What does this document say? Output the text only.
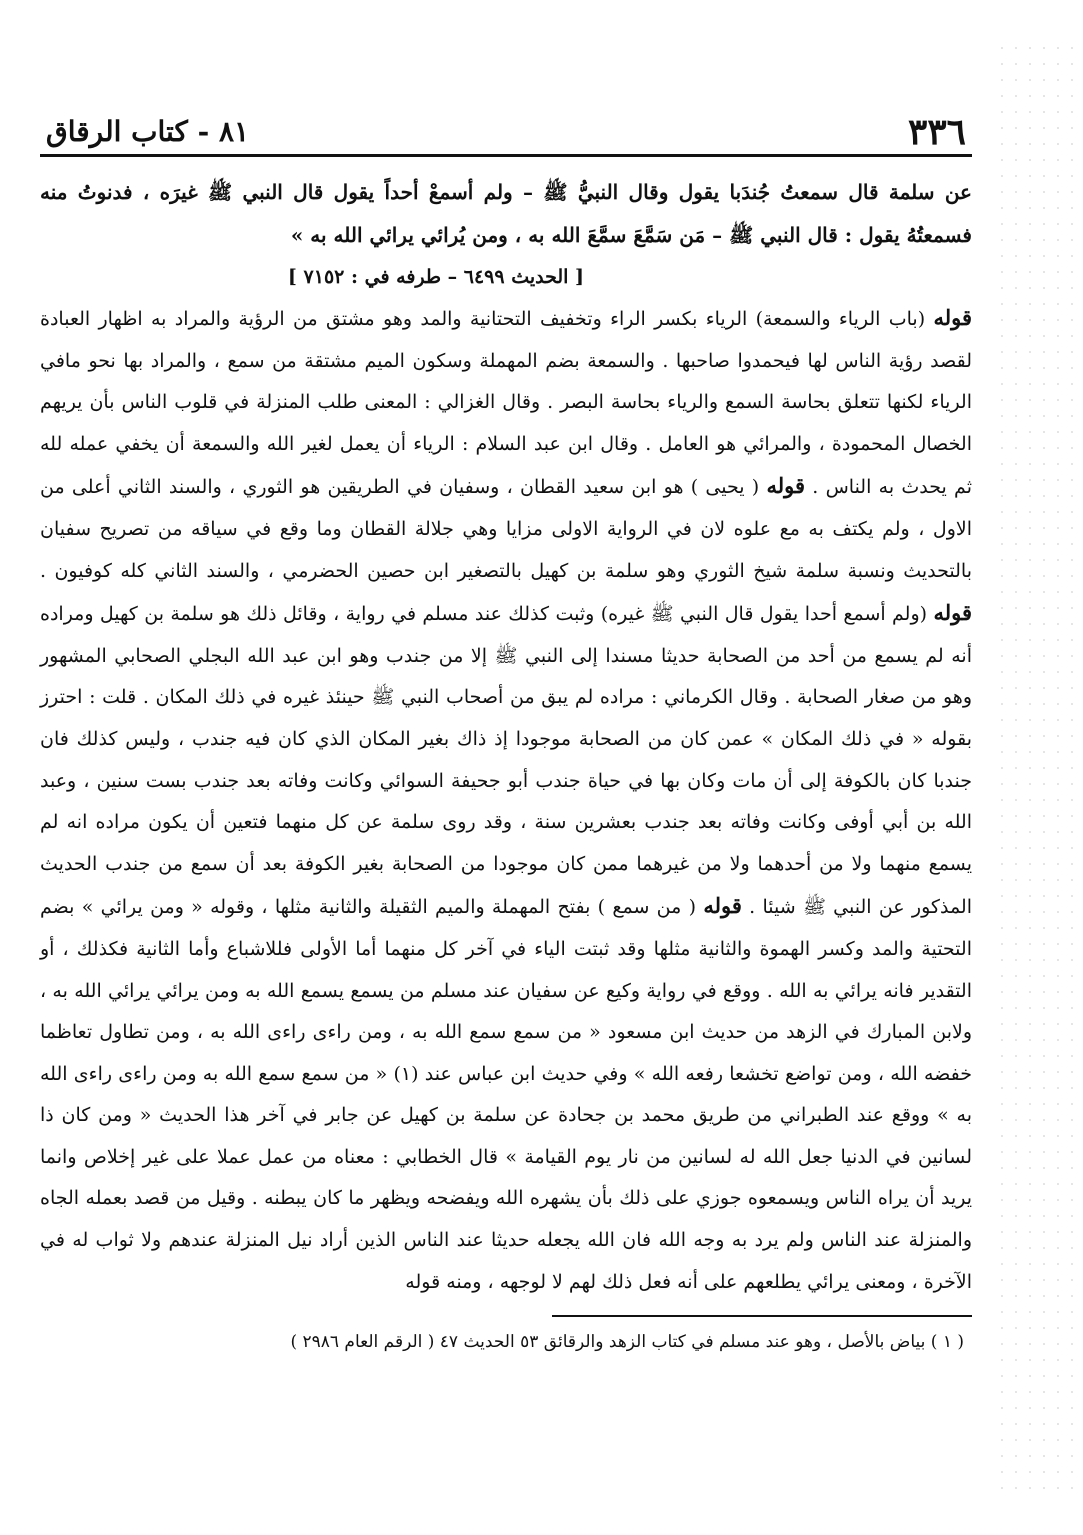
٣٣٦
٨١ - كتاب الرقاق

عن سلمة قال سمعتُ جُندَبا يقول وقال النبيُّ ﷺ – ولم أسمعْ أحداً يقول قال النبي ﷺ غيرَه ، فدنوتُ منه فسمعتُهُ يقول : قال النبي ﷺ – مَن سَمَّعَ سمَّعَ الله به ، ومن يُرائي يرائي الله به »

[ الحديث ٦٤٩٩ – طرفه في : ٧١٥٢ ]

قوله (باب الرياء والسمعة) الرياء بكسر الراء وتخفيف التحتانية والمد وهو مشتق من الرؤية والمراد به اظهار العبادة لقصد رؤية الناس لها فيحمدوا صاحبها . والسمعة بضم المهملة وسكون الميم مشتقة من سمع ، والمراد بها نحو مافي الرياء لكنها تتعلق بحاسة السمع والرياء بحاسة البصر . وقال الغزالي : المعنى طلب المنزلة في قلوب الناس بأن يريهم الخصال المحمودة ، والمرائي هو العامل . وقال ابن عبد السلام : الرياء أن يعمل لغير الله والسمعة أن يخفي عمله لله ثم يحدث به الناس . قوله ( يحيى ) هو ابن سعيد القطان ، وسفيان في الطريقين هو الثوري ، والسند الثاني أعلى من الاول ، ولم يكتف به مع علوه لان في الرواية الاولى مزايا وهي جلالة القطان وما وقع في سياقه من تصريح سفيان بالتحديث ونسبة سلمة شيخ الثوري وهو سلمة بن كهيل بالتصغير ابن حصين الحضرمي ، والسند الثاني كله كوفيون . قوله (ولم أسمع أحدا يقول قال النبي ﷺ غيره) وثبت كذلك عند مسلم في رواية ، وقائل ذلك هو سلمة بن كهيل ومراده أنه لم يسمع من أحد من الصحابة حديثا مسندا إلى النبي ﷺ إلا من جندب وهو ابن عبد الله البجلي الصحابي المشهور وهو من صغار الصحابة . وقال الكرماني : مراده لم يبق من أصحاب النبي ﷺ حينئذ غيره في ذلك المكان . قلت : احترز بقوله « في ذلك المكان » عمن كان من الصحابة موجودا إذ ذاك بغير المكان الذي كان فيه جندب ، وليس كذلك فان جندبا كان بالكوفة إلى أن مات وكان بها في حياة جندب أبو جحيفة السوائي وكانت وفاته بعد جندب بست سنين ، وعبد الله بن أبي أوفى وكانت وفاته بعد جندب بعشرين سنة ، وقد روى سلمة عن كل منهما فتعين أن يكون مراده انه لم يسمع منهما ولا من أحدهما ولا من غيرهما ممن كان موجودا من الصحابة بغير الكوفة بعد أن سمع من جندب الحديث المذكور عن النبي ﷺ شيئا . قوله ( من سمع ) بفتح المهملة والميم الثقيلة والثانية مثلها ، وقوله « ومن يرائي » بضم التحتية والمد وكسر الهموة والثانية مثلها وقد ثبتت الياء في آخر كل منهما أما الأولى فللاشباع وأما الثانية فكذلك ، أو التقدير فانه يرائي به الله . ووقع في رواية وكيع عن سفيان عند مسلم من يسمع يسمع الله به ومن يرائي يرائي الله به ، ولابن المبارك في الزهد من حديث ابن مسعود « من سمع سمع الله به ، ومن راءى راءى الله به ، ومن تطاول تعاظما خفضه الله ، ومن تواضع تخشعا رفعه الله » وفي حديث ابن عباس عند (١) « من سمع سمع الله به ومن راءى راءى الله به » ووقع عند الطبراني من طريق محمد بن جحادة عن سلمة بن كهيل عن جابر في آخر هذا الحديث « ومن كان ذا لسانين في الدنيا جعل الله له لسانين من نار يوم القيامة » قال الخطابي : معناه من عمل عملا على غير إخلاص وانما يريد أن يراه الناس ويسمعوه جوزي على ذلك بأن يشهره الله ويفضحه ويظهر ما كان يبطنه . وقيل من قصد بعمله الجاه والمنزلة عند الناس ولم يرد به وجه الله فان الله يجعله حديثا عند الناس الذين أراد نيل المنزلة عندهم ولا ثواب له في الآخرة ، ومعنى يرائي يطلعهم على أنه فعل ذلك لهم لا لوجهه ، ومنه قوله

( ١ ) بياض بالأصل ، وهو عند مسلم في كتاب الزهد والرقائق ٥٣ الحديث ٤٧ ( الرقم العام ٢٩٨٦ )
